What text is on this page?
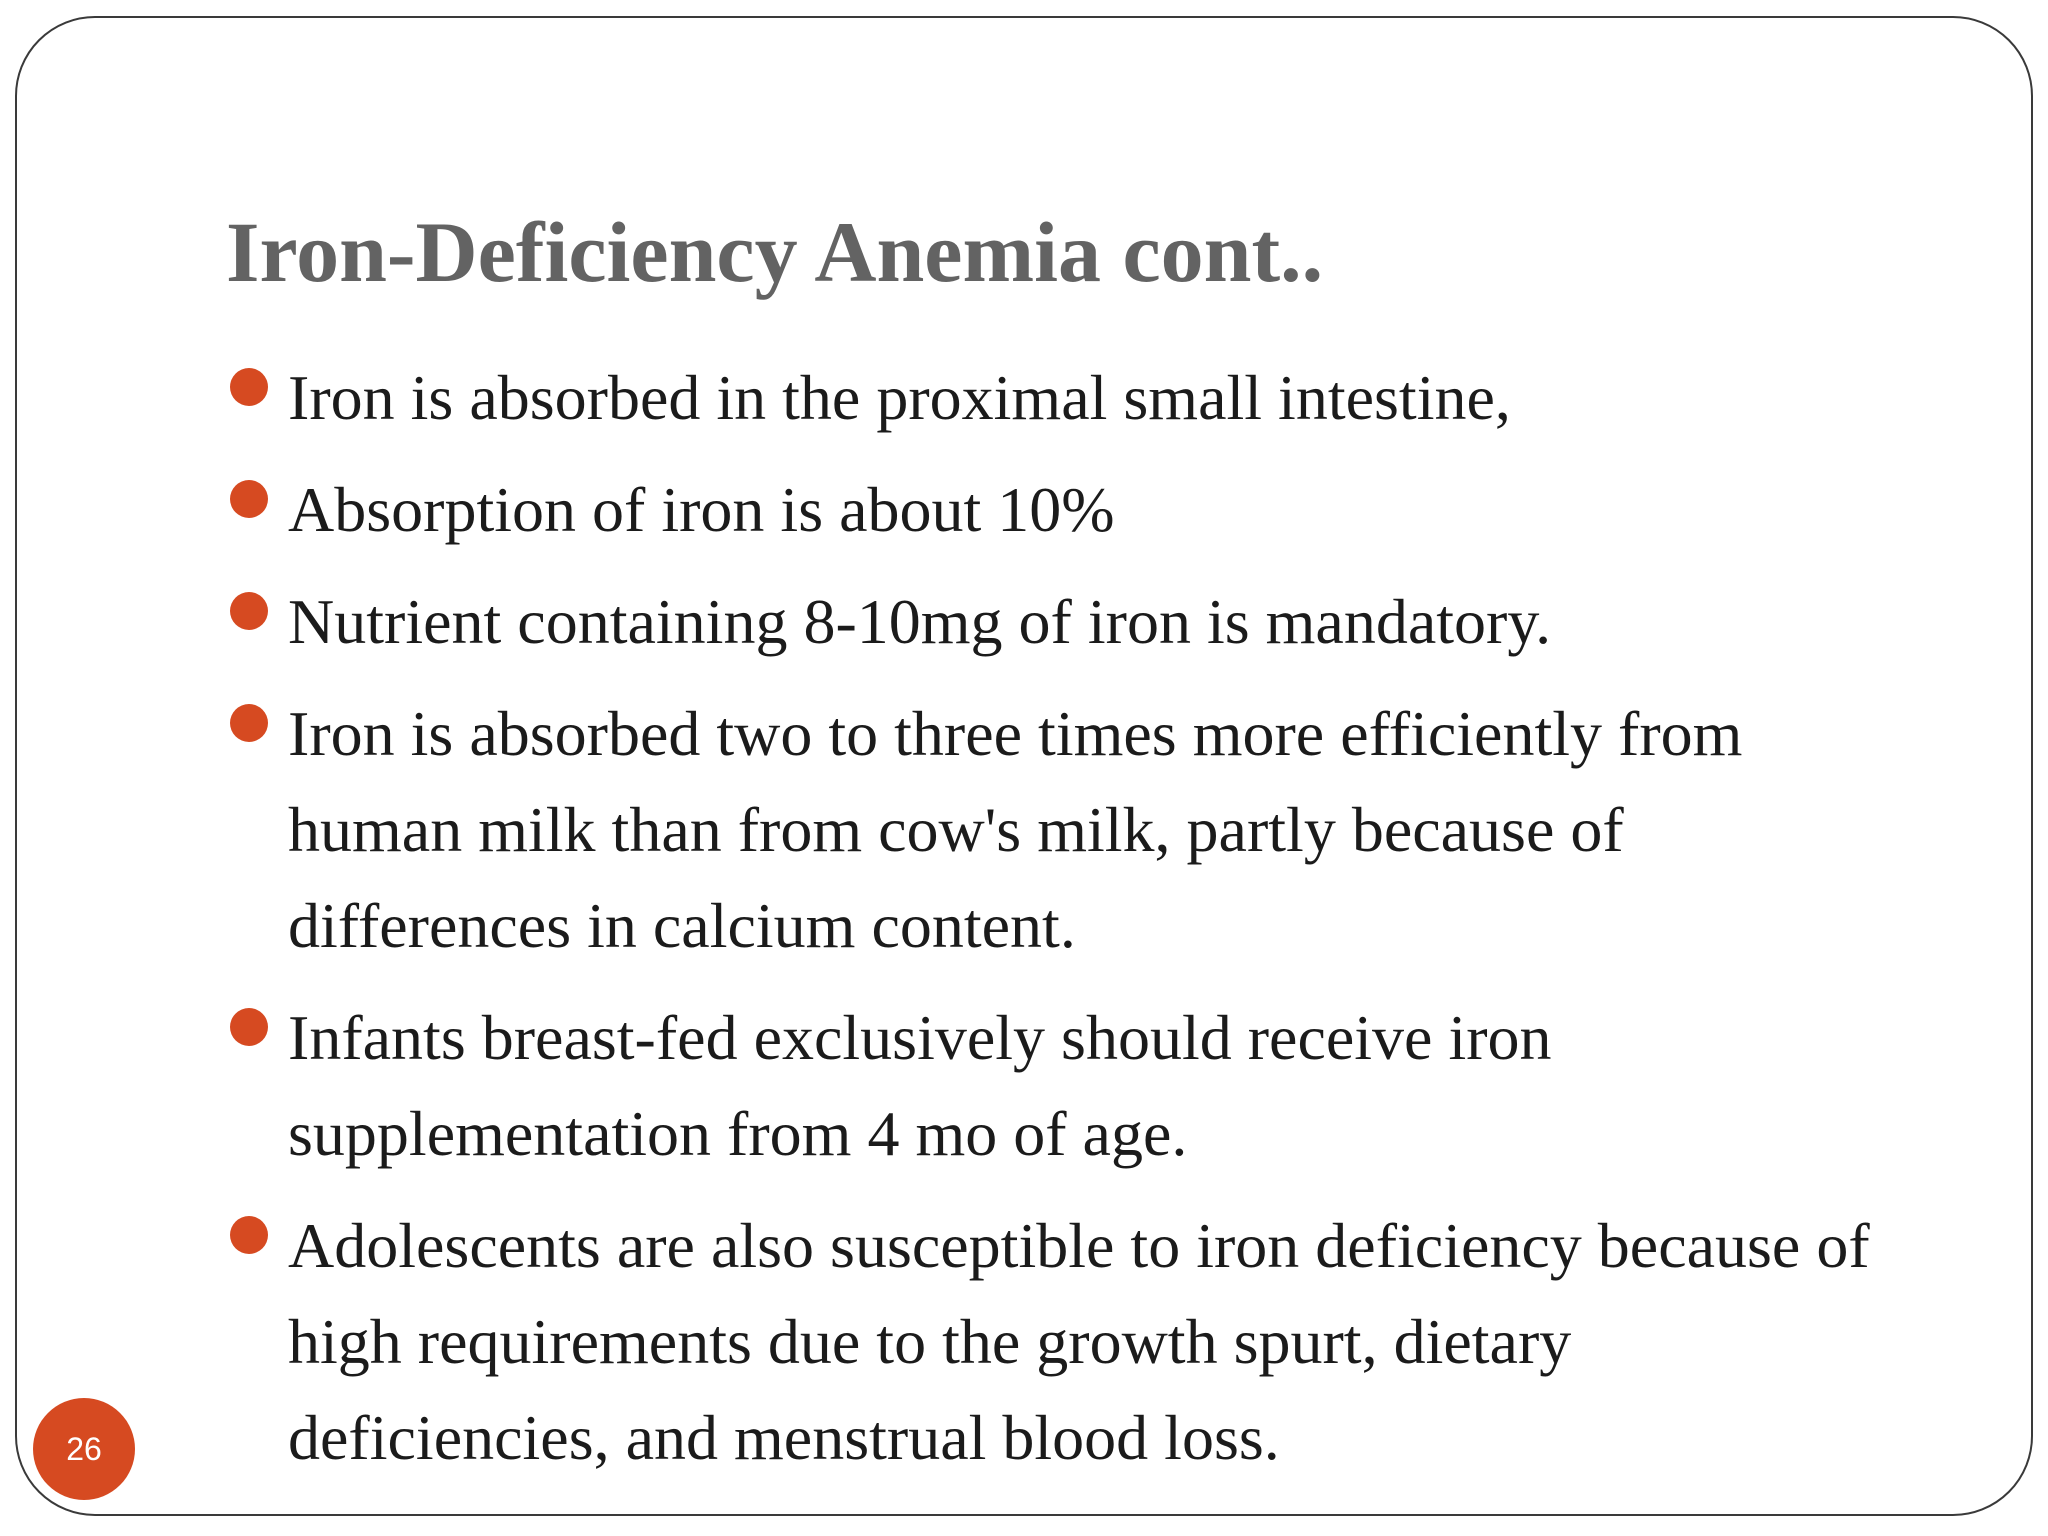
Iron-Deficiency Anemia cont..
Iron is absorbed in the proximal small intestine,
Absorption of iron is about 10%
Nutrient containing 8-10mg of iron is mandatory.
Iron is absorbed two to three times more efficiently from human milk than from cow's milk, partly because of differences in calcium content.
Infants breast-fed exclusively should receive iron supplementation from 4 mo of age.
Adolescents are also susceptible to iron deficiency because of high requirements due to the growth spurt, dietary deficiencies, and menstrual blood loss.
26
